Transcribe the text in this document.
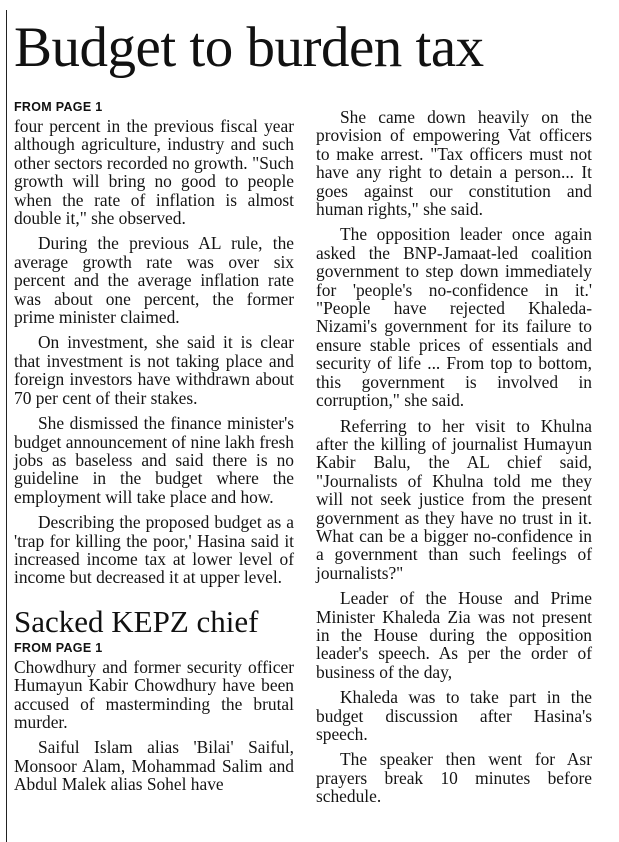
Budget to burden tax
FROM PAGE 1

four percent in the previous fiscal year although agriculture, industry and such other sectors recorded no growth. "Such growth will bring no good to people when the rate of inflation is almost double it," she observed.

During the previous AL rule, the average growth rate was over six percent and the average inflation rate was about one percent, the former prime minister claimed.

On investment, she said it is clear that investment is not taking place and foreign investors have withdrawn about 70 per cent of their stakes.

She dismissed the finance minister's budget announcement of nine lakh fresh jobs as baseless and said there is no guideline in the budget where the employment will take place and how.

Describing the proposed budget as a 'trap for killing the poor,' Hasina said it increased income tax at lower level of income but decreased it at upper level.

Sacked KEPZ chief
FROM PAGE 1

Chowdhury and former security officer Humayun Kabir Chowdhury have been accused of masterminding the brutal murder.

Saiful Islam alias 'Bilai' Saiful, Monsoor Alam, Mohammad Salim and Abdul Malek alias Sohel have

She came down heavily on the provision of empowering Vat officers to make arrest. "Tax officers must not have any right to detain a person... It goes against our constitution and human rights," she said.

The opposition leader once again asked the BNP-Jamaat-led coalition government to step down immediately for 'people's no-confidence in it.' "People have rejected Khaleda-Nizami's government for its failure to ensure stable prices of essentials and security of life ... From top to bottom, this government is involved in corruption," she said.

Referring to her visit to Khulna after the killing of journalist Humayun Kabir Balu, the AL chief said, "Journalists of Khulna told me they will not seek justice from the present government as they have no trust in it. What can be a bigger no-confidence in a government than such feelings of journalists?"

Leader of the House and Prime Minister Khaleda Zia was not present in the House during the opposition leader's speech. As per the order of business of the day,

Khaleda was to take part in the budget discussion after Hasina's speech.

The speaker then went for Asr prayers break 10 minutes before schedule.
